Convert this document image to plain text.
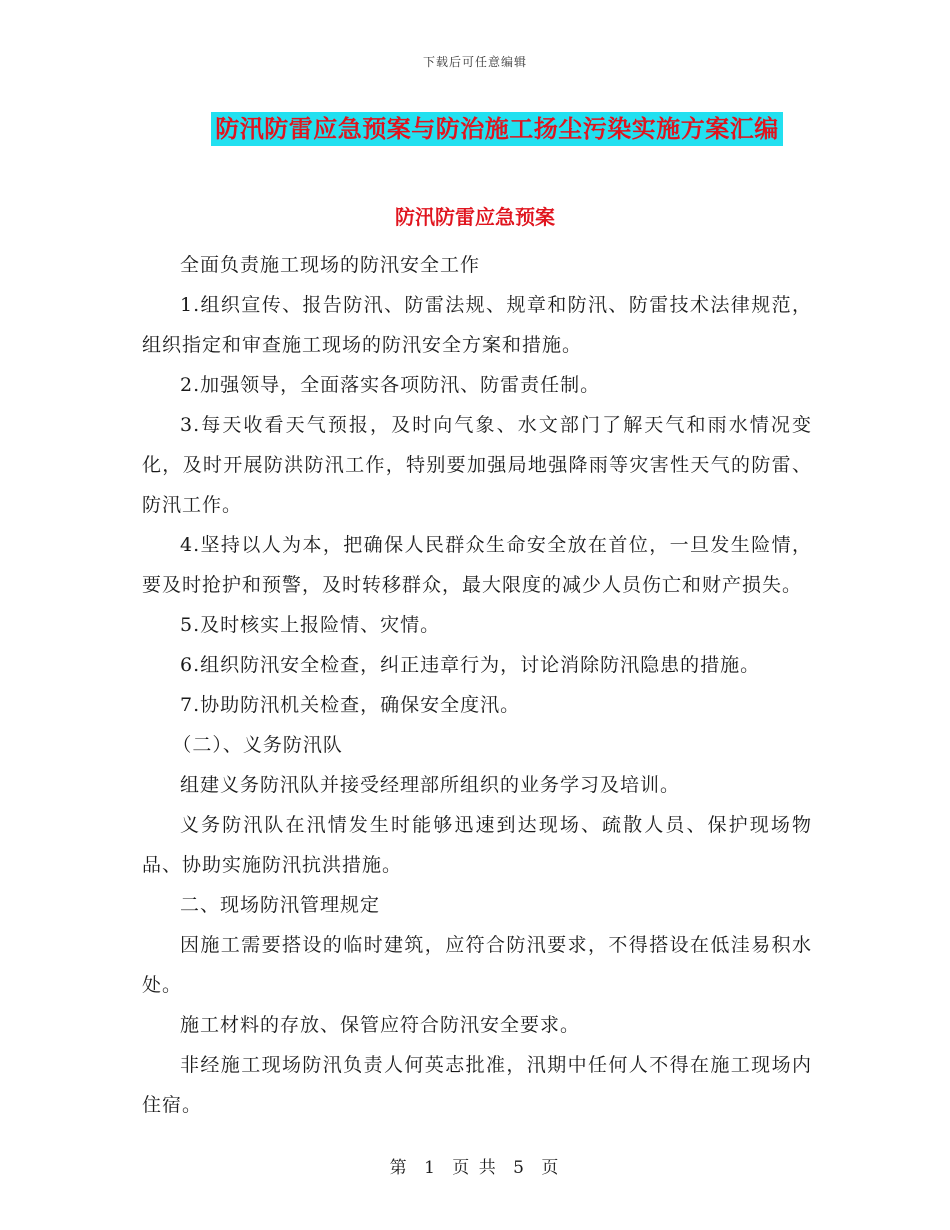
下载后可任意编辑
防汛防雷应急预案与防治施工扬尘污染实施方案汇编
防汛防雷应急预案

全面负责施工现场的防汛安全工作

1.组织宣传、报告防汛、防雷法规、规章和防汛、防雷技术法律规范，组织指定和审查施工现场的防汛安全方案和措施。

2.加强领导，全面落实各项防汛、防雷责任制。

3.每天收看天气预报，及时向气象、水文部门了解天气和雨水情况变化，及时开展防洪防汛工作，特别要加强局地强降雨等灾害性天气的防雷、防汛工作。

4.坚持以人为本，把确保人民群众生命安全放在首位，一旦发生险情，要及时抢护和预警，及时转移群众，最大限度的减少人员伤亡和财产损失。

5.及时核实上报险情、灾情。

6.组织防汛安全检查，纠正违章行为，讨论消除防汛隐患的措施。

7.协助防汛机关检查，确保安全度汛。

（二）、义务防汛队

组建义务防汛队并接受经理部所组织的业务学习及培训。

义务防汛队在汛情发生时能够迅速到达现场、疏散人员、保护现场物品、协助实施防汛抗洪措施。

二、现场防汛管理规定

因施工需要搭设的临时建筑，应符合防汛要求，不得搭设在低洼易积水处。

施工材料的存放、保管应符合防汛安全要求。

非经施工现场防汛负责人何英志批准，汛期中任何人不得在施工现场内住宿。

第 1 页 共 5 页
